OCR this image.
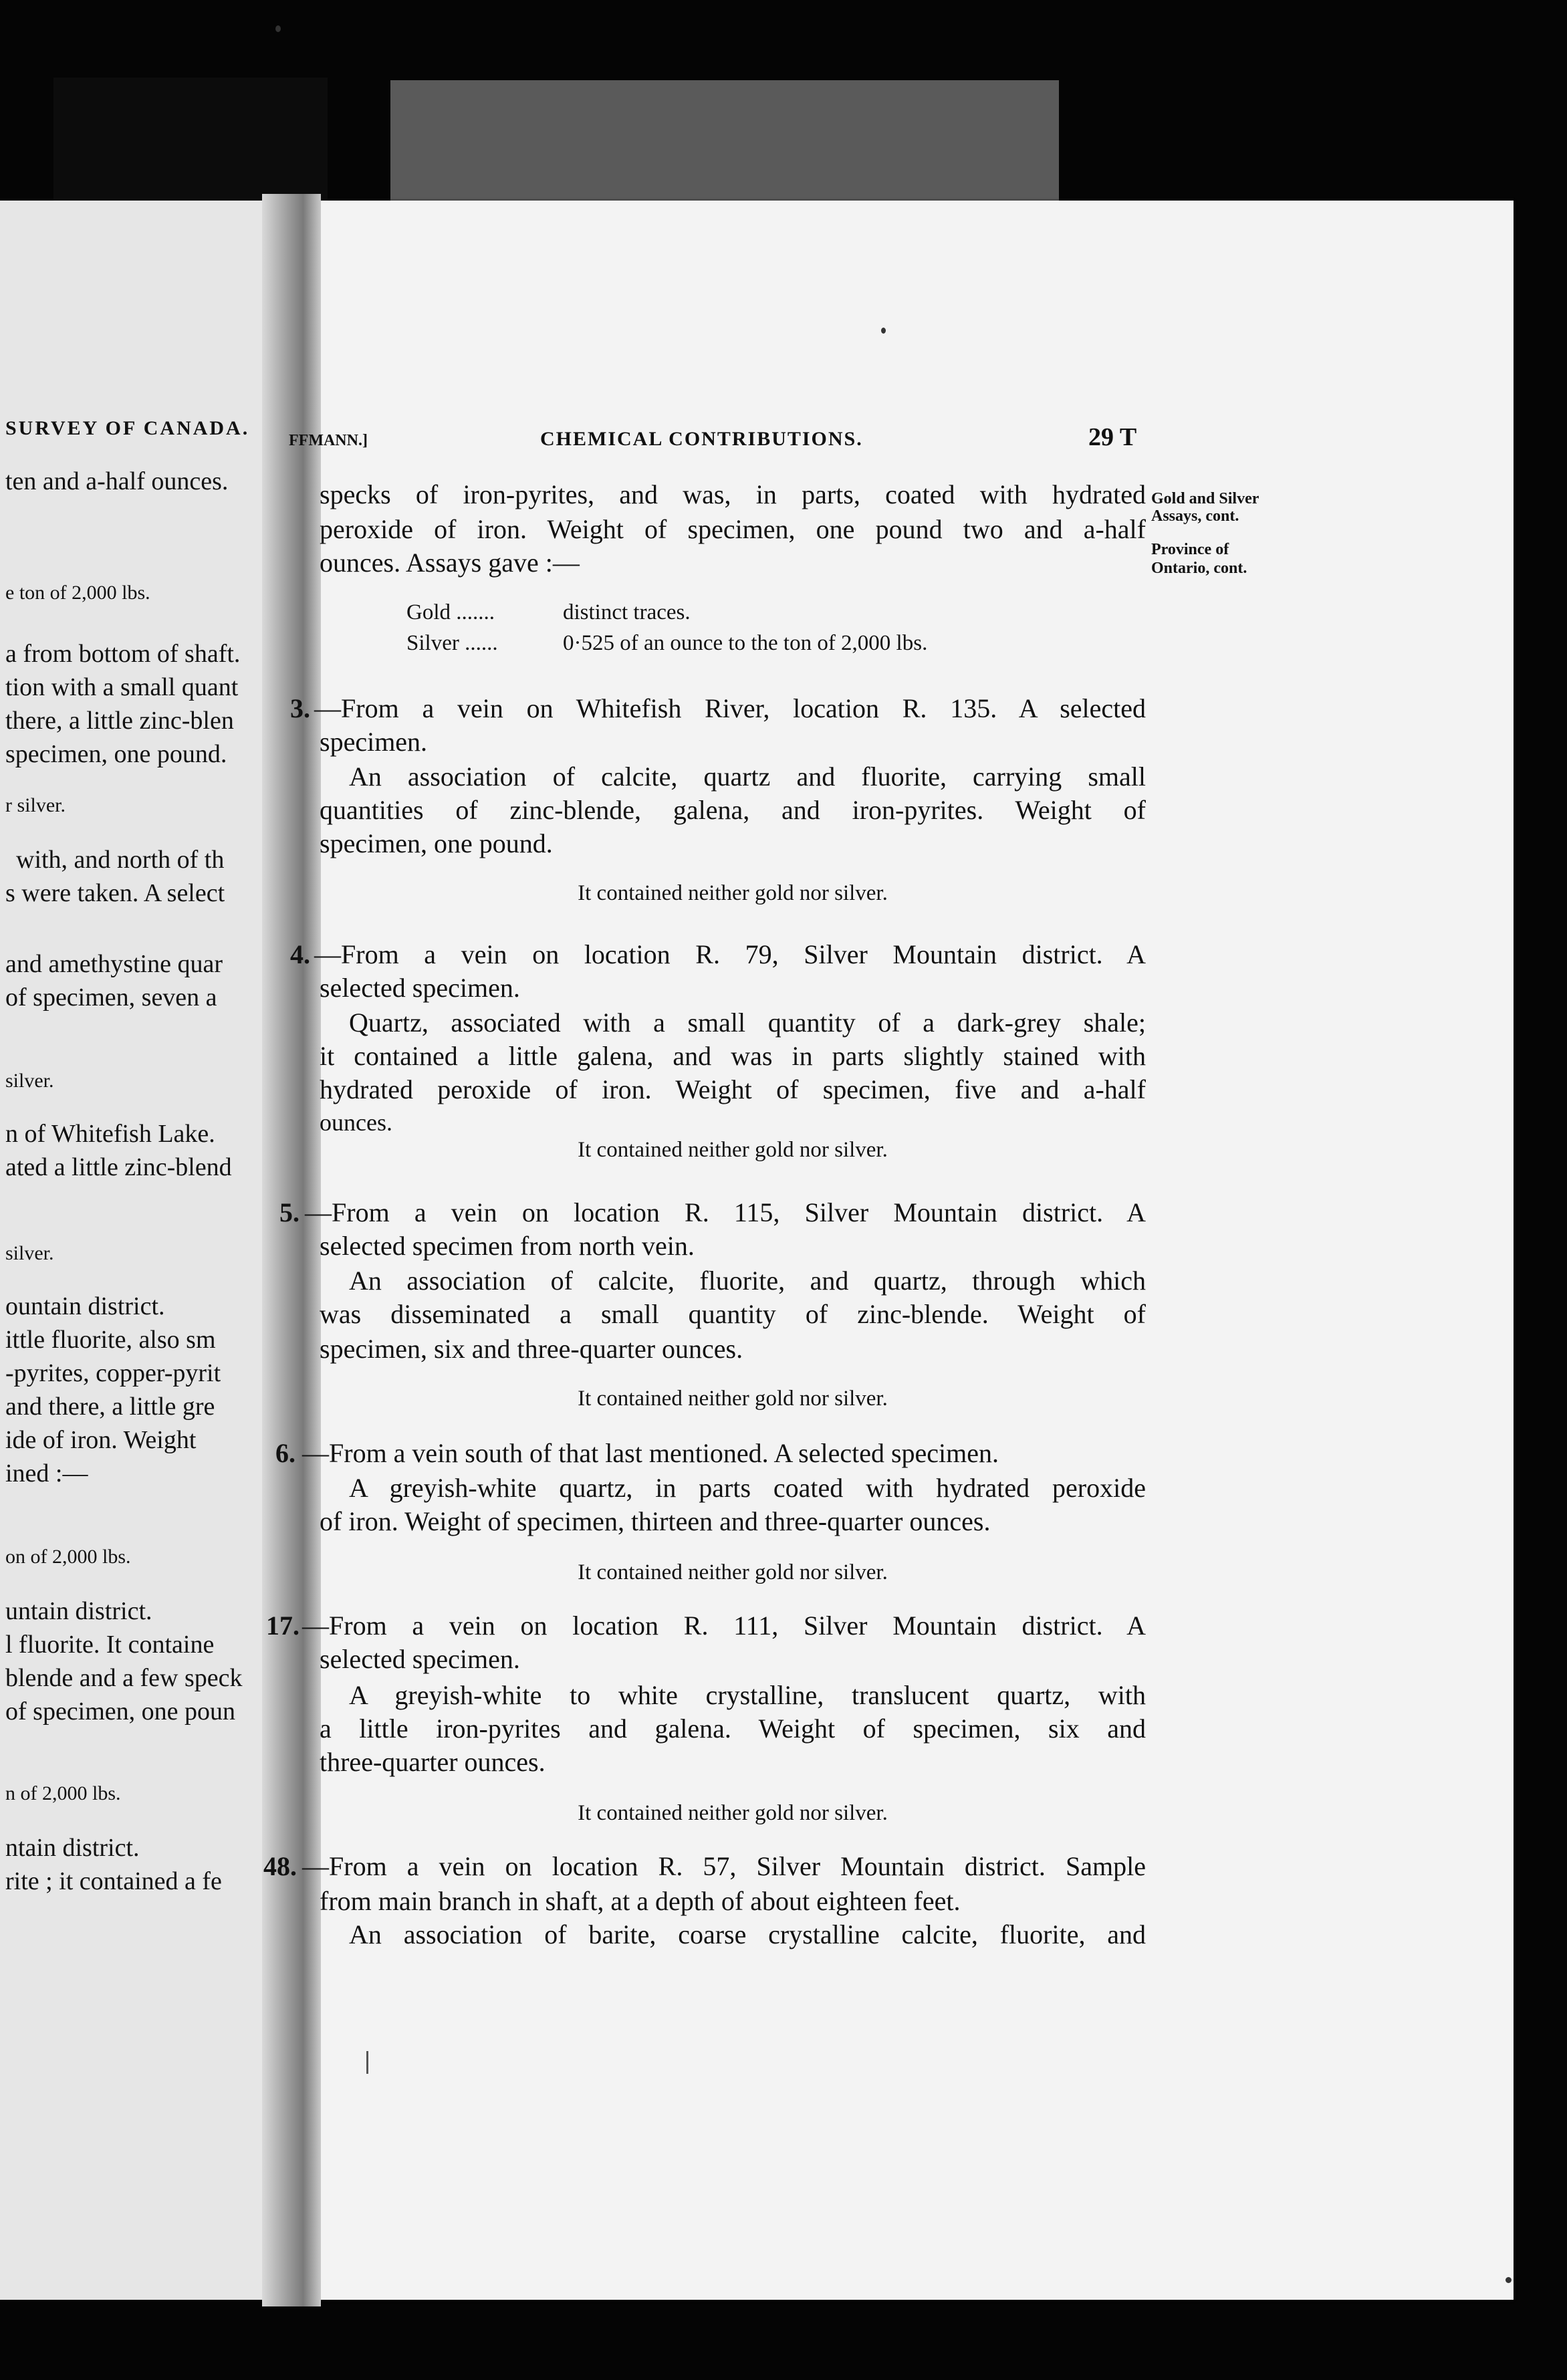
SURVEY OF CANADA.
ten and a-half ounces.
e ton of 2,000 lbs.
a from bottom of shaft.
tion with a small quant
there, a little zinc-blen
specimen, one pound.
r silver.
with, and north of th
s were taken. A select
and amethystine quar
of specimen, seven a
silver.
n of Whitefish Lake.
ated a little zinc-blend
silver.
ountain district.
ittle fluorite, also sm
-pyrites, copper-pyrit
and there, a little gre
ide of iron. Weight
ined :—
on of 2,000 lbs.
untain district.
l fluorite. It containe
blende and a few speck
of specimen, one poun
n of 2,000 lbs.
ntain district.
rite ; it contained a fe
FFMANN.]	CHEMICAL CONTRIBUTIONS.	29 T
Gold and Silver
Assays, cont.
Province of
Ontario, cont.
specks of iron-pyrites, and was, in parts, coated with hydrated
peroxide of iron. Weight of specimen, one pound two and a-half
ounces. Assays gave :—
Gold .......	distinct traces.
Silver ......	0·525 of an ounce to the ton of 2,000 lbs.
3. —From a vein on Whitefish River, location R. 135. A selected
specimen.
An association of calcite, quartz and fluorite, carrying small
quantities of zinc-blende, galena, and iron-pyrites. Weight of
specimen, one pound.
It contained neither gold nor silver.
4. —From a vein on location R. 79, Silver Mountain district. A
selected specimen.
Quartz, associated with a small quantity of a dark-grey shale;
it contained a little galena, and was in parts slightly stained with
hydrated peroxide of iron. Weight of specimen, five and a-half
ounces.
It contained neither gold nor silver.
5. —From a vein on location R. 115, Silver Mountain district. A
selected specimen from north vein.
An association of calcite, fluorite, and quartz, through which
was disseminated a small quantity of zinc-blende. Weight of
specimen, six and three-quarter ounces.
It contained neither gold nor silver.
6. —From a vein south of that last mentioned. A selected specimen.
A greyish-white quartz, in parts coated with hydrated peroxide
of iron. Weight of specimen, thirteen and three-quarter ounces.
It contained neither gold nor silver.
17. —From a vein on location R. 111, Silver Mountain district. A
selected specimen.
A greyish-white to white crystalline, translucent quartz, with
a little iron-pyrites and galena. Weight of specimen, six and
three-quarter ounces.
It contained neither gold nor silver.
48. —From a vein on location R. 57, Silver Mountain district. Sample
from main branch in shaft, at a depth of about eighteen feet.
An association of barite, coarse crystalline calcite, fluorite, and
